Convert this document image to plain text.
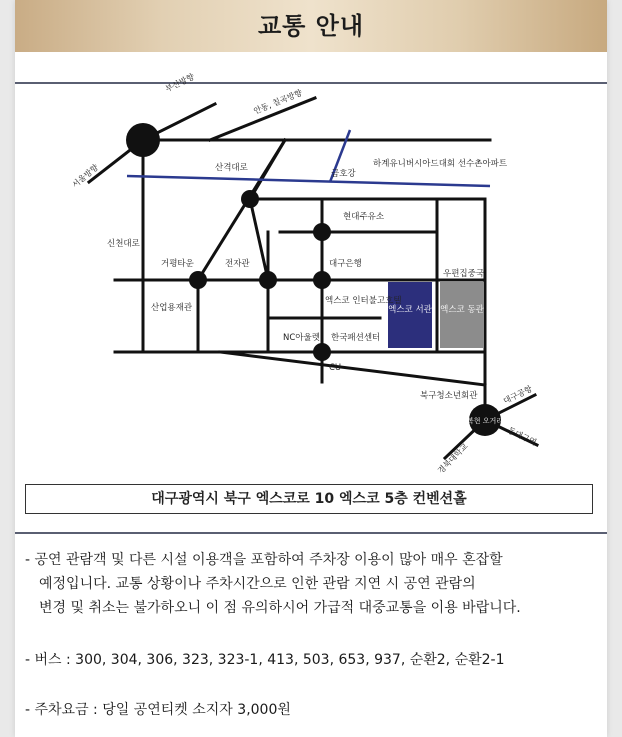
교통 안내
부산방향
서울방향
안동, 칠곡방향
산격대로	하계유니버시아드대회 선수촌아파트
금호강
현대주유소
신천대로
거평타운	전자관	대구은행
우편집중국
산업용재관
엑스코 인터불고호텔
NC아울렛 한국패션센터
CU
북구청소년회관	대구공항
동대구역
경북대학교
엑스코 서관 엑스코 동관
복현 오거리
대구광역시 북구 엑스코로 10 엑스코 5층 컨벤션홀
- 공연 관람객 및 다른 시설 이용객을 포함하여 주차장 이용이 많아 매우 혼잡할
예정입니다. 교통 상황이나 주차시간으로 인한 관람 지연 시 공연 관람의
변경 및 취소는 불가하오니 이 점 유의하시어 가급적 대중교통을 이용 바랍니다.
- 버스 : 300, 304, 306, 323, 323-1, 413, 503, 653, 937, 순환2, 순환2-1
- 주차요금 : 당일 공연티켓 소지자 3,000원
